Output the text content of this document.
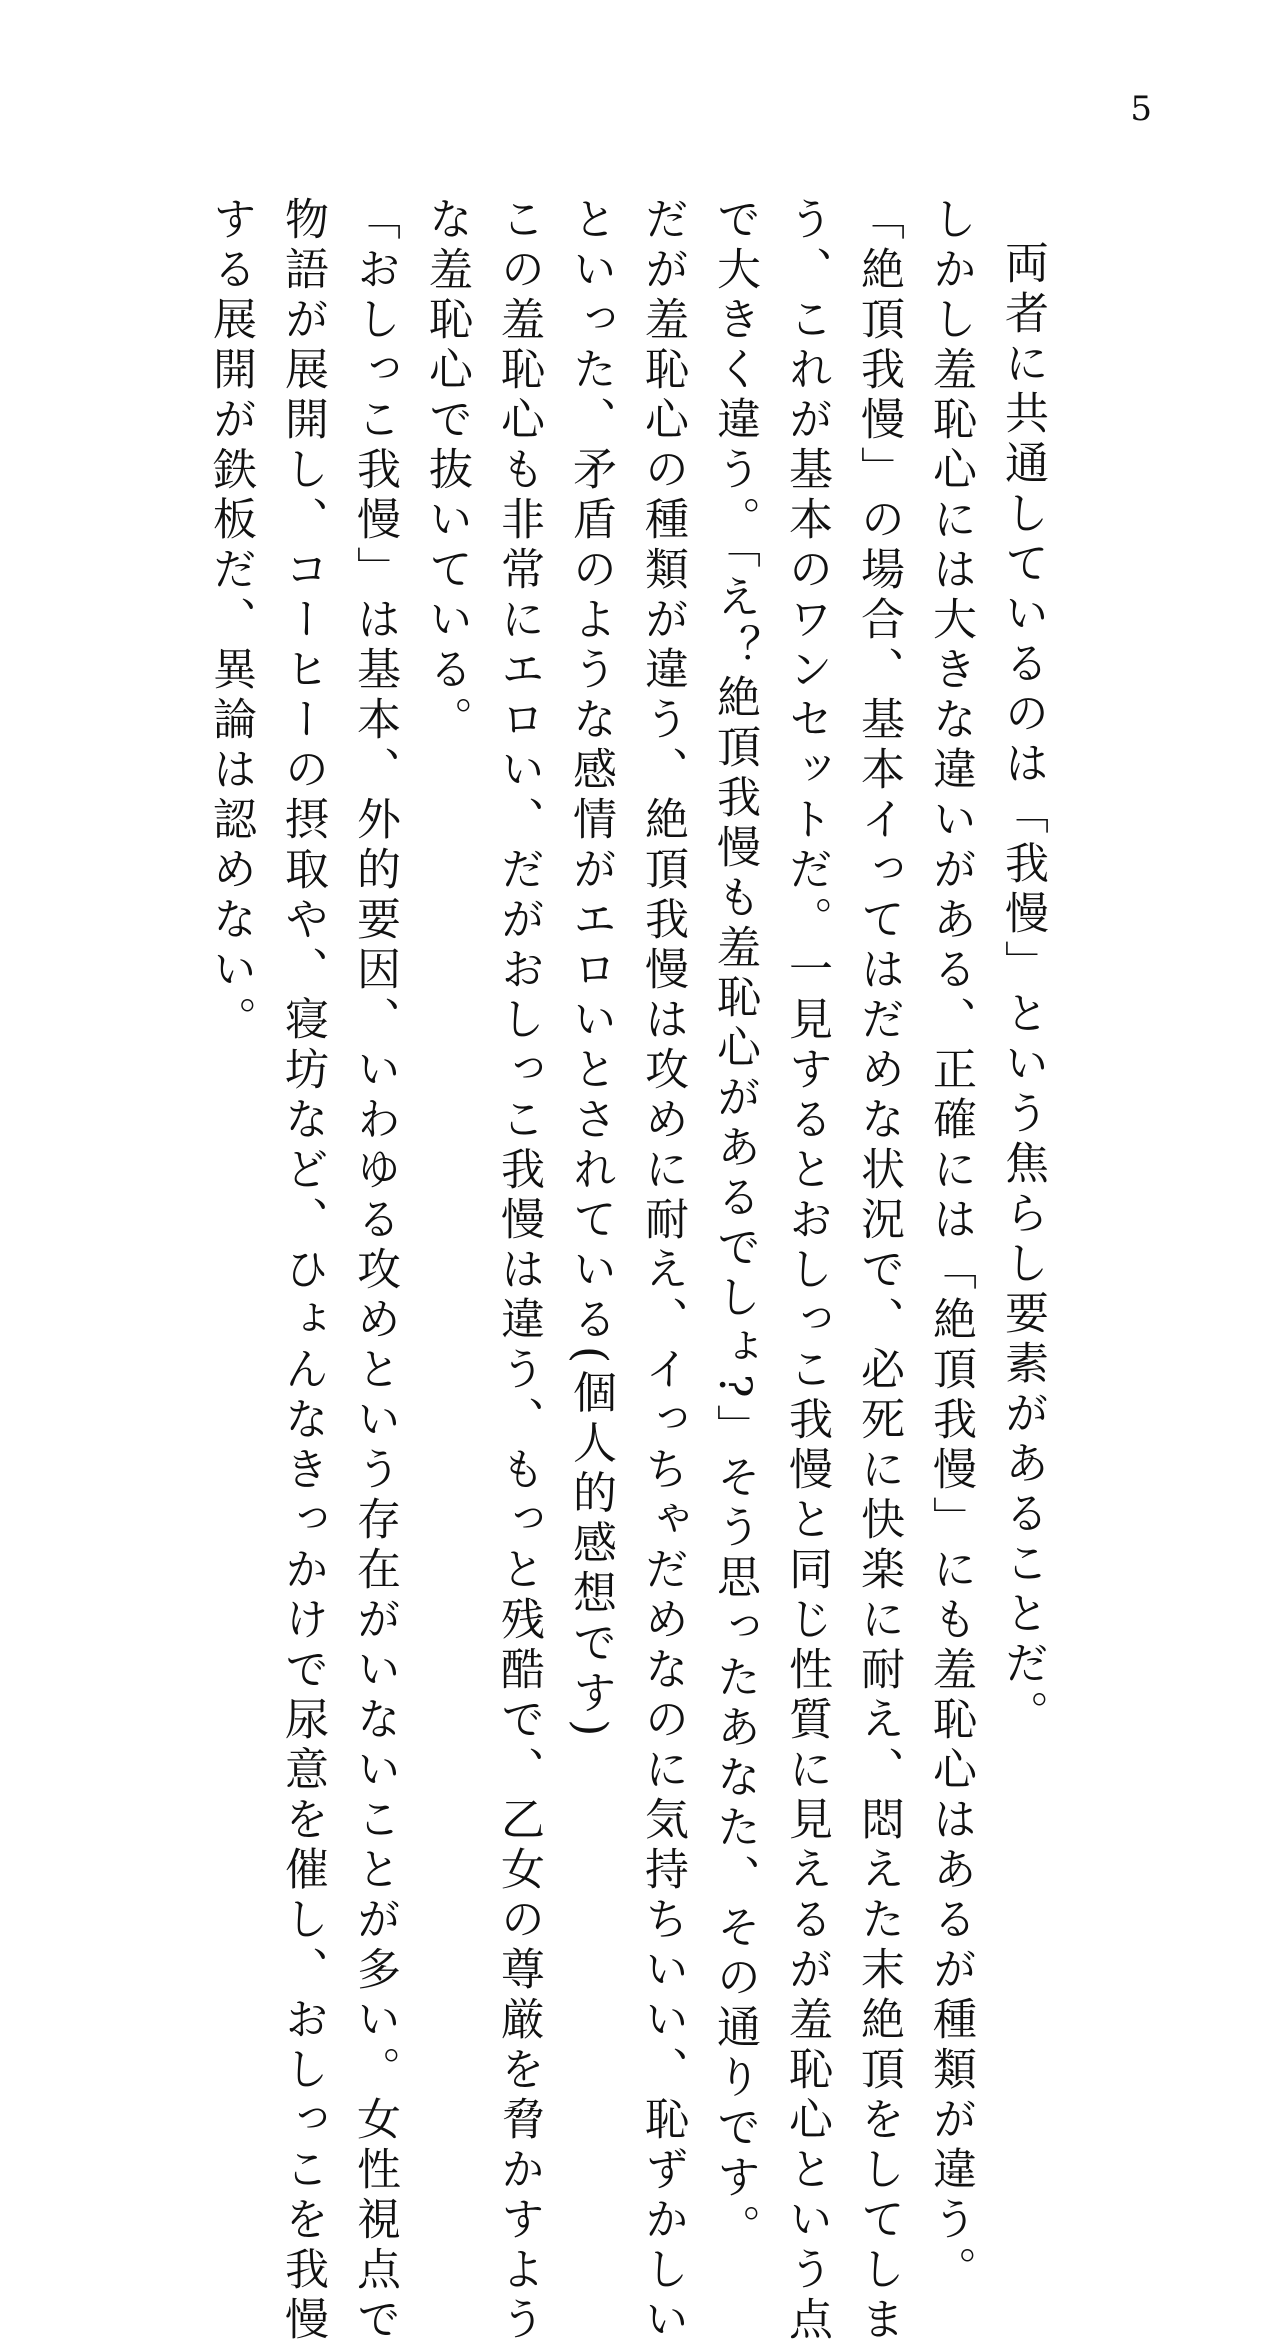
5

両者に共通しているのは「我慢」という焦らし要素があることだ。

しかし羞恥心には大きな違いがある、正確には「絶頂我慢」にも羞恥心はあるが種類が違う。

「絶頂我慢」の場合、基本イってはだめな状況で、必死に快楽に耐え、悶えた末絶頂をしてしま

う、これが基本のワンセットだ。一見するとおしっこ我慢と同じ性質に見えるが羞恥心という点

で大きく違う。「え？絶頂我慢も羞恥心があるでしょ?」そう思ったあなた、その通りです。

だが羞恥心の種類が違う、絶頂我慢は攻めに耐え、イっちゃだめなのに気持ちいい、恥ずかしい

といった、矛盾のような感情がエロいとされている(個人的感想です)

この羞恥心も非常にエロい、だがおしっこ我慢は違う、もっと残酷で、乙女の尊厳を脅かすよう

な羞恥心で抜いている。

「おしっこ我慢」は基本、外的要因、いわゆる攻めという存在がいないことが多い。女性視点で

物語が展開し、コーヒーの摂取や、寝坊など、ひょんなきっかけで尿意を催し、おしっこを我慢

する展開が鉄板だ、異論は認めない。
